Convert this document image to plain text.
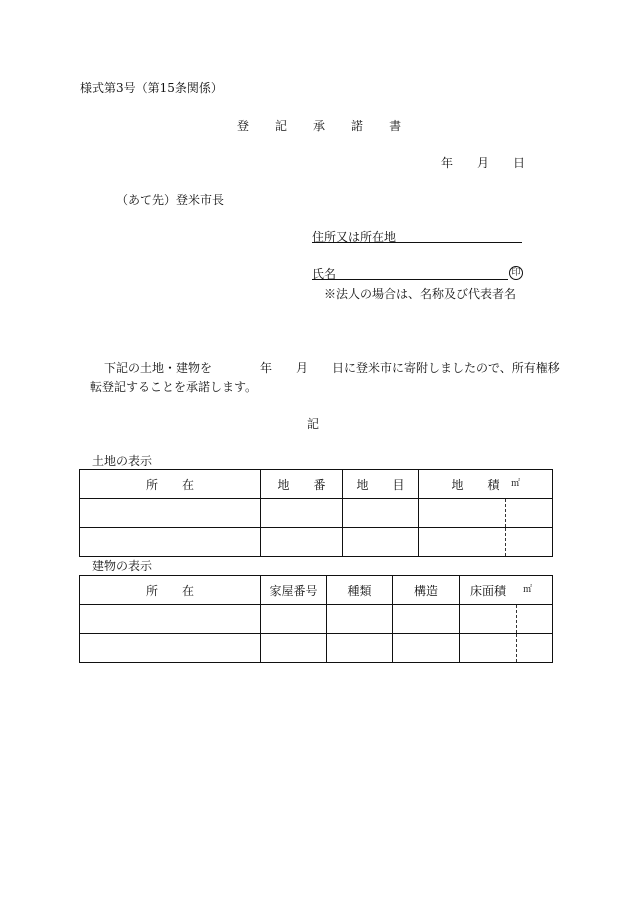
様式第3号（第15条関係）
登 記 承 諾 書
年 月 日
（あて先）登米市長
住所又は所在地
氏名	印
※法人の場合は、名称及び代表者名
下記の土地・建物を　　　　年　　月　　日に登米市に寄附しましたので、所有権移
転登記することを承諾します。
記
土地の表示
所　　在	地　　番	地　　目	地　　積 ㎡

建物の表示
所　　在	家屋番号	種類	構造	床面積 ㎡
